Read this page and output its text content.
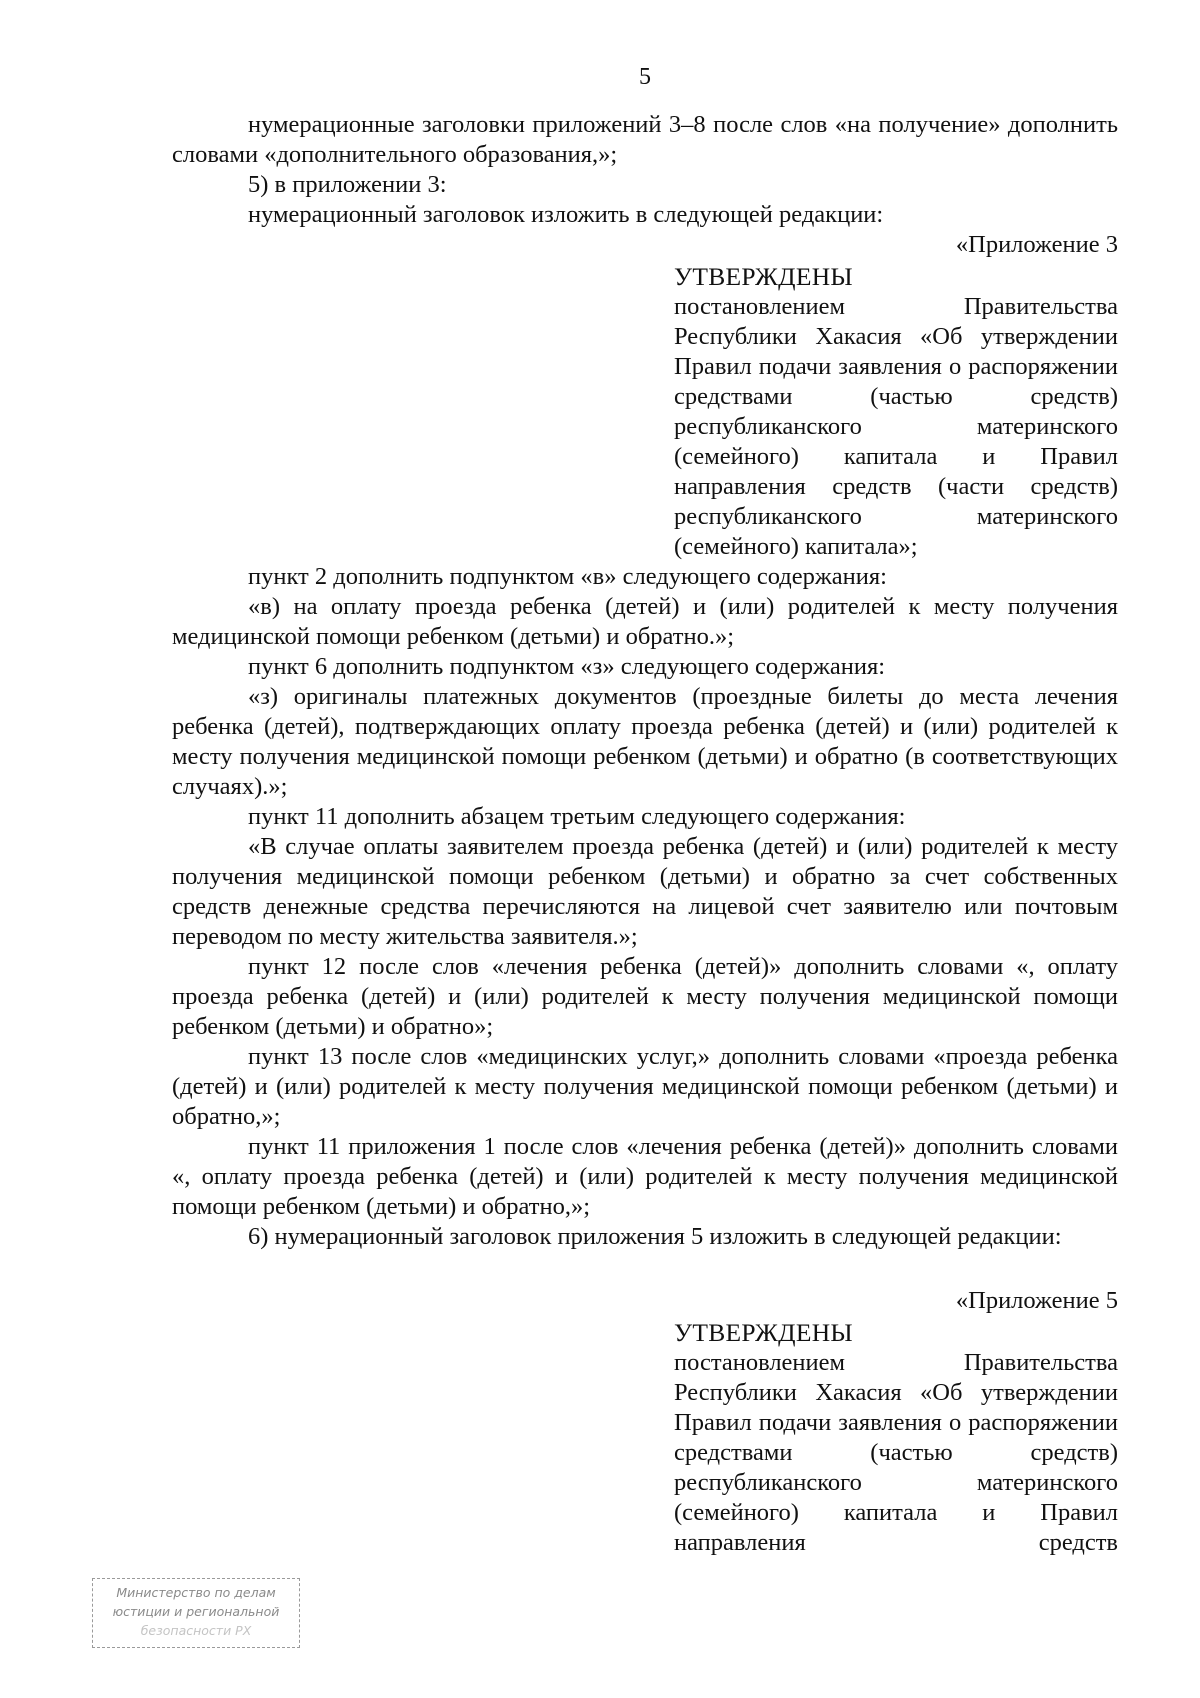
5

нумерационные заголовки приложений 3–8 после слов «на получение» дополнить словами «дополнительного образования,»;

5) в приложении 3:

нумерационный заголовок изложить в следующей редакции:

«Приложение 3
УТВЕРЖДЕНЫ
постановлением Правительства Республики Хакасия «Об утверждении Правил подачи заявления о распоряжении средствами (частью средств) республиканского материнского (семейного) капитала и Правил направления средств (части средств) республиканского материнского (семейного) капитала»;

пункт 2 дополнить подпунктом «в» следующего содержания:

«в) на оплату проезда ребенка (детей) и (или) родителей к месту получения медицинской помощи ребенком (детьми) и обратно.»;

пункт 6 дополнить подпунктом «з» следующего содержания:

«з) оригиналы платежных документов (проездные билеты до места лечения ребенка (детей), подтверждающих оплату проезда ребенка (детей) и (или) родителей к месту получения медицинской помощи ребенком (детьми) и обратно (в соответствующих случаях).»;

пункт 11 дополнить абзацем третьим следующего содержания:

«В случае оплаты заявителем проезда ребенка (детей) и (или) родителей к месту получения медицинской помощи ребенком (детьми) и обратно за счет собственных средств денежные средства перечисляются на лицевой счет заявителю или почтовым переводом по месту жительства заявителя.»;

пункт 12 после слов «лечения ребенка (детей)» дополнить словами «, оплату проезда ребенка (детей) и (или) родителей к месту получения медицинской помощи ребенком (детьми) и обратно»;

пункт 13 после слов «медицинских услуг,» дополнить словами «проезда ребенка (детей) и (или) родителей к месту получения медицинской помощи ребенком (детьми) и обратно,»;

пункт 11 приложения 1 после слов «лечения ребенка (детей)» дополнить словами «, оплату проезда ребенка (детей) и (или) родителей к месту получения медицинской помощи ребенком (детьми) и обратно,»;

6) нумерационный заголовок приложения 5 изложить в следующей редакции:

«Приложение 5
УТВЕРЖДЕНЫ
постановлением Правительства Республики Хакасия «Об утверждении Правил подачи заявления о распоряжении средствами (частью средств) республиканского материнского (семейного) капитала и Правил направления средств
Министерство по делам
юстиции и региональной
безопасности РХ
